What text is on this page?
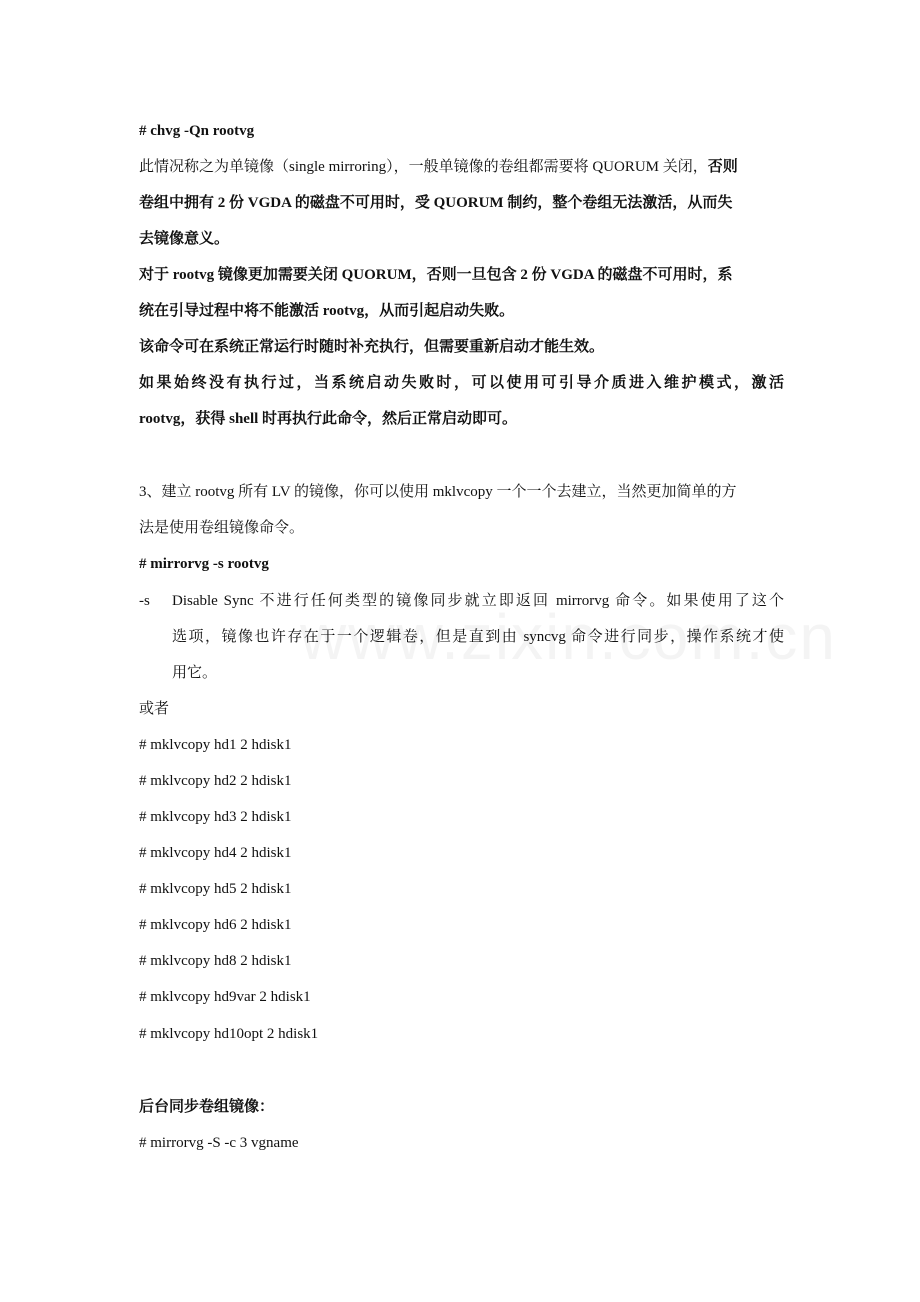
# chvg -Qn rootvg
此情况称之为单镜像（single mirroring），一般单镜像的卷组都需要将 QUORUM 关闭，否则
卷组中拥有 2 份 VGDA 的磁盘不可用时，受 QUORUM 制约，整个卷组无法激活，从而失
去镜像意义。
对于 rootvg 镜像更加需要关闭 QUORUM，否则一旦包含 2 份 VGDA 的磁盘不可用时，系
统在引导过程中将不能激活 rootvg，从而引起启动失败。
该命令可在系统正常运行时随时补充执行，但需要重新启动才能生效。
如果始终没有执行过，当系统启动失败时，可以使用可引导介质进入维护模式，激活
rootvg，获得 shell 时再执行此命令，然后正常启动即可。
3、建立 rootvg 所有 LV 的镜像，你可以使用 mklvcopy 一个一个去建立，当然更加简单的方
法是使用卷组镜像命令。
# mirrorvg -s rootvg
-s Disable Sync 不进行任何类型的镜像同步就立即返回 mirrorvg 命令。如果使用了这个
选项，镜像也许存在于一个逻辑卷，但是直到由 syncvg 命令进行同步，操作系统才使
用它。
或者
# mklvcopy hd1 2 hdisk1
# mklvcopy hd2 2 hdisk1
# mklvcopy hd3 2 hdisk1
# mklvcopy hd4 2 hdisk1
# mklvcopy hd5 2 hdisk1
# mklvcopy hd6 2 hdisk1
# mklvcopy hd8 2 hdisk1
# mklvcopy hd9var 2 hdisk1
# mklvcopy hd10opt 2 hdisk1
后台同步卷组镜像：
# mirrorvg -S -c 3 vgname
